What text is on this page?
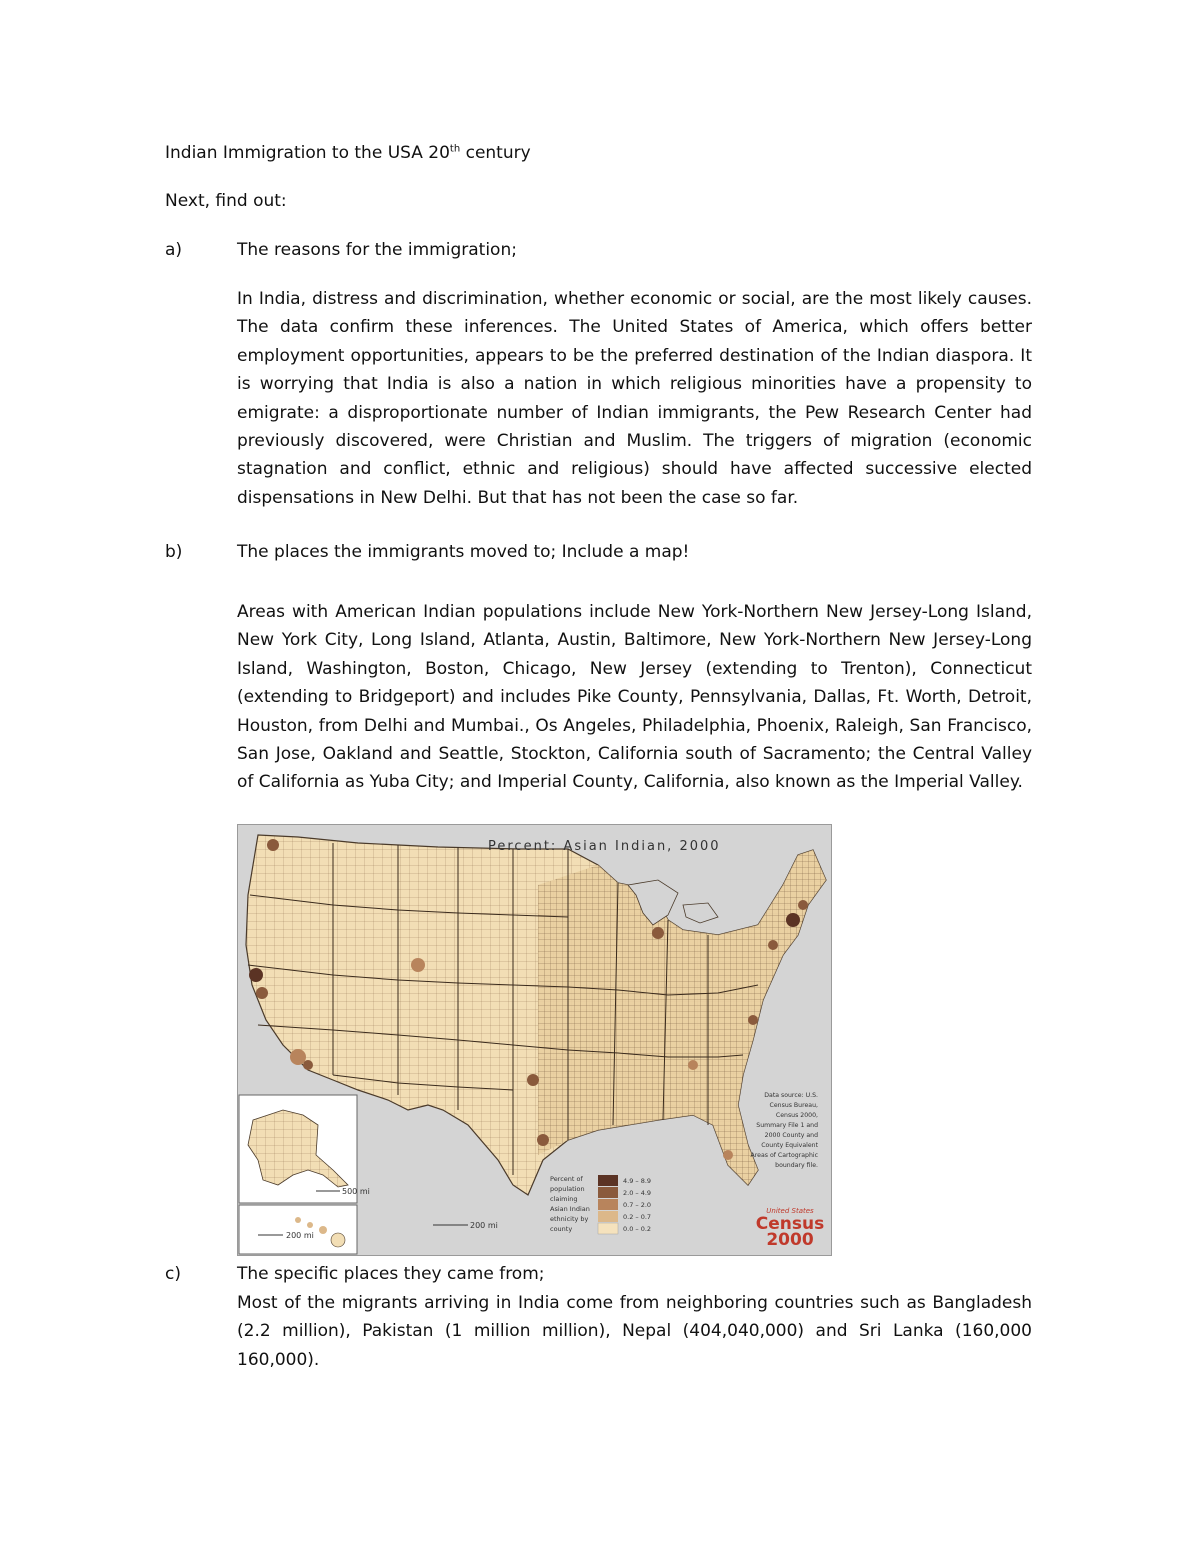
Indian Immigration to the USA 20th century
Next, find out:
a)	The reasons for the immigration;
In India, distress and discrimination, whether economic or social, are the most likely causes. The data confirm these inferences. The United States of America, which offers better employment opportunities, appears to be the preferred destination of the Indian diaspora. It is worrying that India is also a nation in which religious minorities have a propensity to emigrate: a disproportionate number of Indian immigrants, the Pew Research Center had previously discovered, were Christian and Muslim. The triggers of migration (economic stagnation and conflict, ethnic and religious) should have affected successive elected dispensations in New Delhi. But that has not been the case so far.
b)	The places the immigrants moved to; Include a map!
Areas with American Indian populations include New York-Northern New Jersey-Long Island, New York City, Long Island, Atlanta, Austin, Baltimore, New York-Northern New Jersey-Long Island, Washington, Boston, Chicago, New Jersey (extending to Trenton), Connecticut (extending to Bridgeport) and includes Pike County, Pennsylvania, Dallas, Ft. Worth, Detroit, Houston, from Delhi and Mumbai., Os Angeles, Philadelphia, Phoenix, Raleigh, San Francisco, San Jose, Oakland and Seattle, Stockton, California south of Sacramento; the Central Valley of California as Yuba City; and Imperial County, California, also known as the Imperial Valley.
Percent: Asian Indian, 2000
500 mi
200 mi
200 mi
Percent of
population
claiming
Asian Indian
ethnicity by
county
4.9 – 8.9
2.0 – 4.9
0.7 – 2.0
0.2 – 0.7
0.0 – 0.2
Data source: U.S.
Census Bureau,
Census 2000,
Summary File 1 and
2000 County and
County Equivalent
Areas of Cartographic
boundary file.
United States
Census
2000
c)	The specific places they came from;
Most of the migrants arriving in India come from neighboring countries such as Bangladesh (2.2 million), Pakistan (1 million million), Nepal (404,040,000) and Sri Lanka (160,000 160,000).
